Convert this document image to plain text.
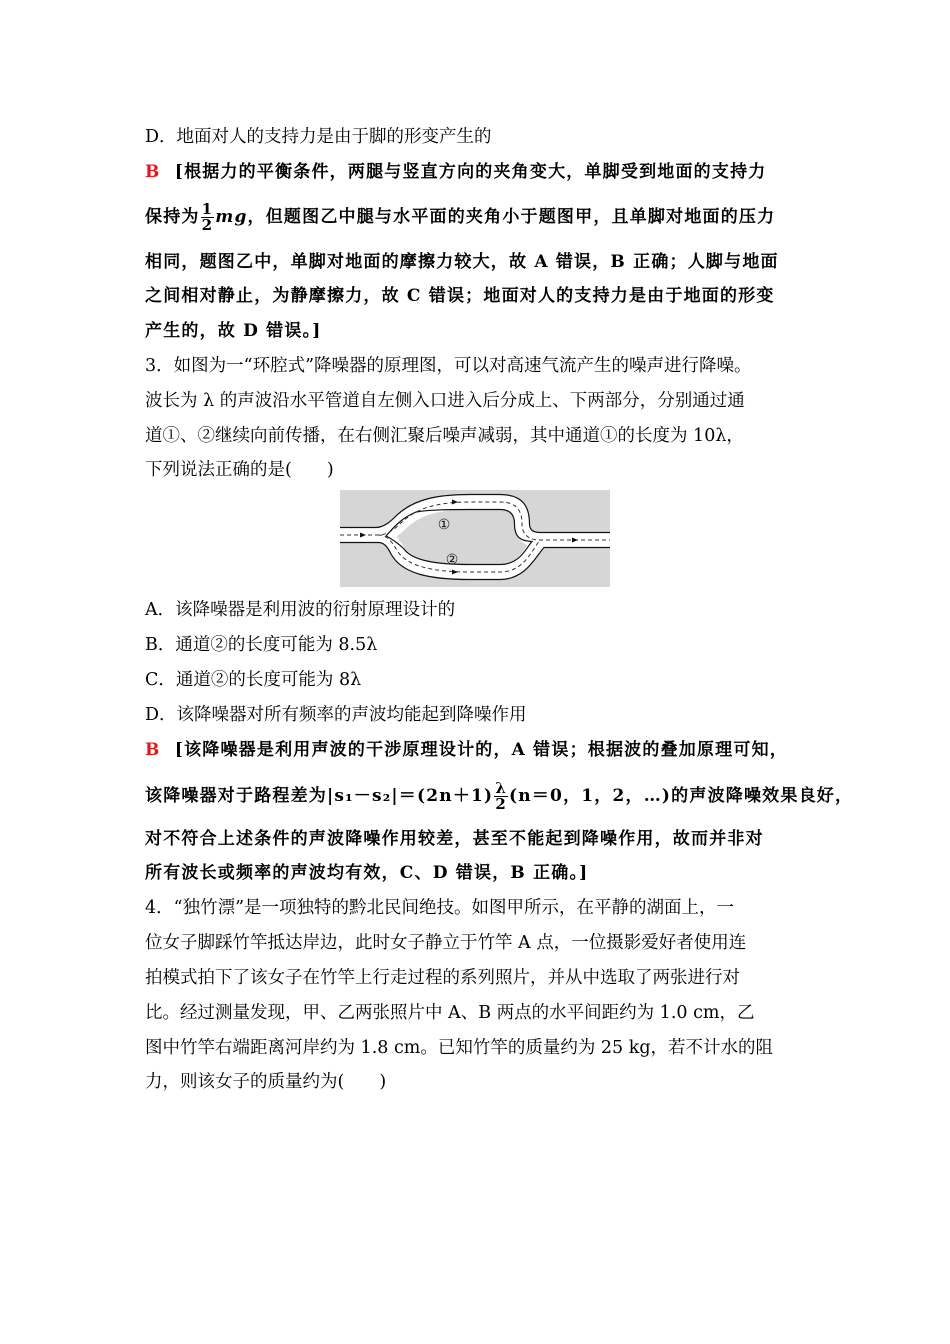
D．地面对人的支持力是由于脚的形变产生的
B [根据力的平衡条件，两腿与竖直方向的夹角变大，单脚受到地面的支持力
保持为 $\frac{1}{2}$ mg，但题图乙中腿与水平面的夹角小于题图甲，且单脚对地面的压力
相同，题图乙中，单脚对地面的摩擦力较大，故 A 错误，B 正确；人脚与地面
之间相对静止，为静摩擦力，故 C 错误；地面对人的支持力是由于地面的形变
产生的，故 D 错误。]
3．如图为一“环腔式”降噪器的原理图，可以对高速气流产生的噪声进行降噪。
波长为 λ 的声波沿水平管道自左侧入口进入后分成上、下两部分，分别通过通
道①、②继续向前传播，在右侧汇聚后噪声减弱，其中通道①的长度为 10λ，
下列说法正确的是(　　)
①
②
A．该降噪器是利用波的衍射原理设计的
B．通道②的长度可能为 8.5λ
C．通道②的长度可能为 8λ
D．该降噪器对所有频率的声波均能起到降噪作用
B [该降噪器是利用声波的干涉原理设计的，A 错误；根据波的叠加原理可知，
该降噪器对于路程差为$|s_1-s_2|=(2n+1) \frac{\lambda}{2} (n=0$，1，2，…)的声波降噪效果良好，
对不符合上述条件的声波降噪作用较差，甚至不能起到降噪作用，故而并非对
所有波长或频率的声波均有效，C、D 错误，B 正确。]
4．“独竹漂”是一项独特的黔北民间绝技。如图甲所示，在平静的湖面上，一
位女子脚踩竹竿抵达岸边，此时女子静立于竹竿 A 点，一位摄影爱好者使用连
拍模式拍下了该女子在竹竿上行走过程的系列照片，并从中选取了两张进行对
比。经过测量发现，甲、乙两张照片中 A、B 两点的水平间距约为 1.0 cm，乙
图中竹竿右端距离河岸约为 1.8 cm。已知竹竿的质量约为 25 kg，若不计水的阻
力，则该女子的质量约为(　　)
